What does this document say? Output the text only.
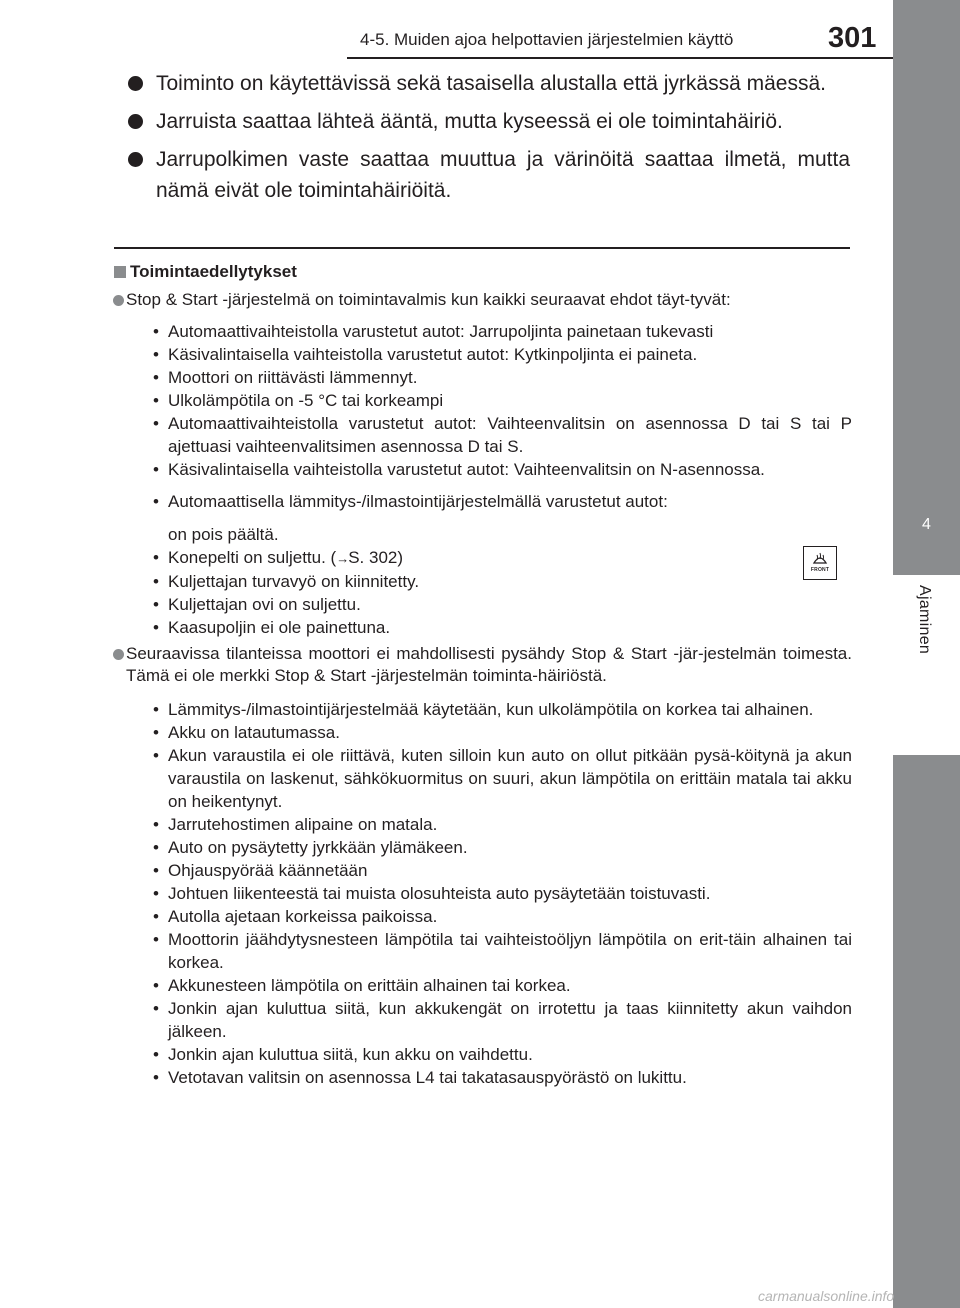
4-5. Muiden ajoa helpottavien järjestelmien käyttö	301
4
Ajaminen
Toiminto on käytettävissä sekä tasaisella alustalla että jyrkässä mäessä.
Jarruista saattaa lähteä ääntä, mutta kyseessä ei ole toimintahäiriö.
Jarrupolkimen vaste saattaa muuttua ja värinöitä saattaa ilmetä, mutta nämä eivät ole toimintahäiriöitä.
Toimintaedellytykset
Stop & Start -järjestelmä on toimintavalmis kun kaikki seuraavat ehdot täyt-tyvät:
• Automaattivaihteistolla varustetut autot: Jarrupoljinta painetaan tukevasti
• Käsivalintaisella vaihteistolla varustetut autot: Kytkinpoljinta ei paineta.
• Moottori on riittävästi lämmennyt.
• Ulkolämpötila on -5 °C tai korkeampi
• Automaattivaihteistolla varustetut autot: Vaihteenvalitsin on asennossa D tai S tai P ajettuasi vaihteenvalitsimen asennossa D tai S.
• Käsivalintaisella vaihteistolla varustetut autot: Vaihteenvalitsin on N-asennossa.
• Automaattisella lämmitys-/ilmastointijärjestelmällä varustetut autot:
on pois päältä.
• Konepelti on suljettu. (→S. 302)
• Kuljettajan turvavyö on kiinnitetty.
• Kuljettajan ovi on suljettu.
• Kaasupoljin ei ole painettuna.
Seuraavissa tilanteissa moottori ei mahdollisesti pysähdy Stop & Start -jär-jestelmän toimesta. Tämä ei ole merkki Stop & Start -järjestelmän toiminta-häiriöstä.
• Lämmitys-/ilmastointijärjestelmää käytetään, kun ulkolämpötila on korkea tai alhainen.
• Akku on latautumassa.
• Akun varaustila ei ole riittävä, kuten silloin kun auto on ollut pitkään pysä-köitynä ja akun varaustila on laskenut, sähkökuormitus on suuri, akun lämpötila on erittäin matala tai akku on heikentynyt.
• Jarrutehostimen alipaine on matala.
• Auto on pysäytetty jyrkkään ylämäkeen.
• Ohjauspyörää käännetään
• Johtuen liikenteestä tai muista olosuhteista auto pysäytetään toistuvasti.
• Autolla ajetaan korkeissa paikoissa.
• Moottorin jäähdytysnesteen lämpötila tai vaihteistoöljyn lämpötila on erit-täin alhainen tai korkea.
• Akkunesteen lämpötila on erittäin alhainen tai korkea.
• Jonkin ajan kuluttua siitä, kun akkukengät on irrotettu ja taas kiinnitetty akun vaihdon jälkeen.
• Jonkin ajan kuluttua siitä, kun akku on vaihdettu.
• Vetotavan valitsin on asennossa L4 tai takatasauspyörästö on lukittu.
FRONT
carmanualsonline.info
